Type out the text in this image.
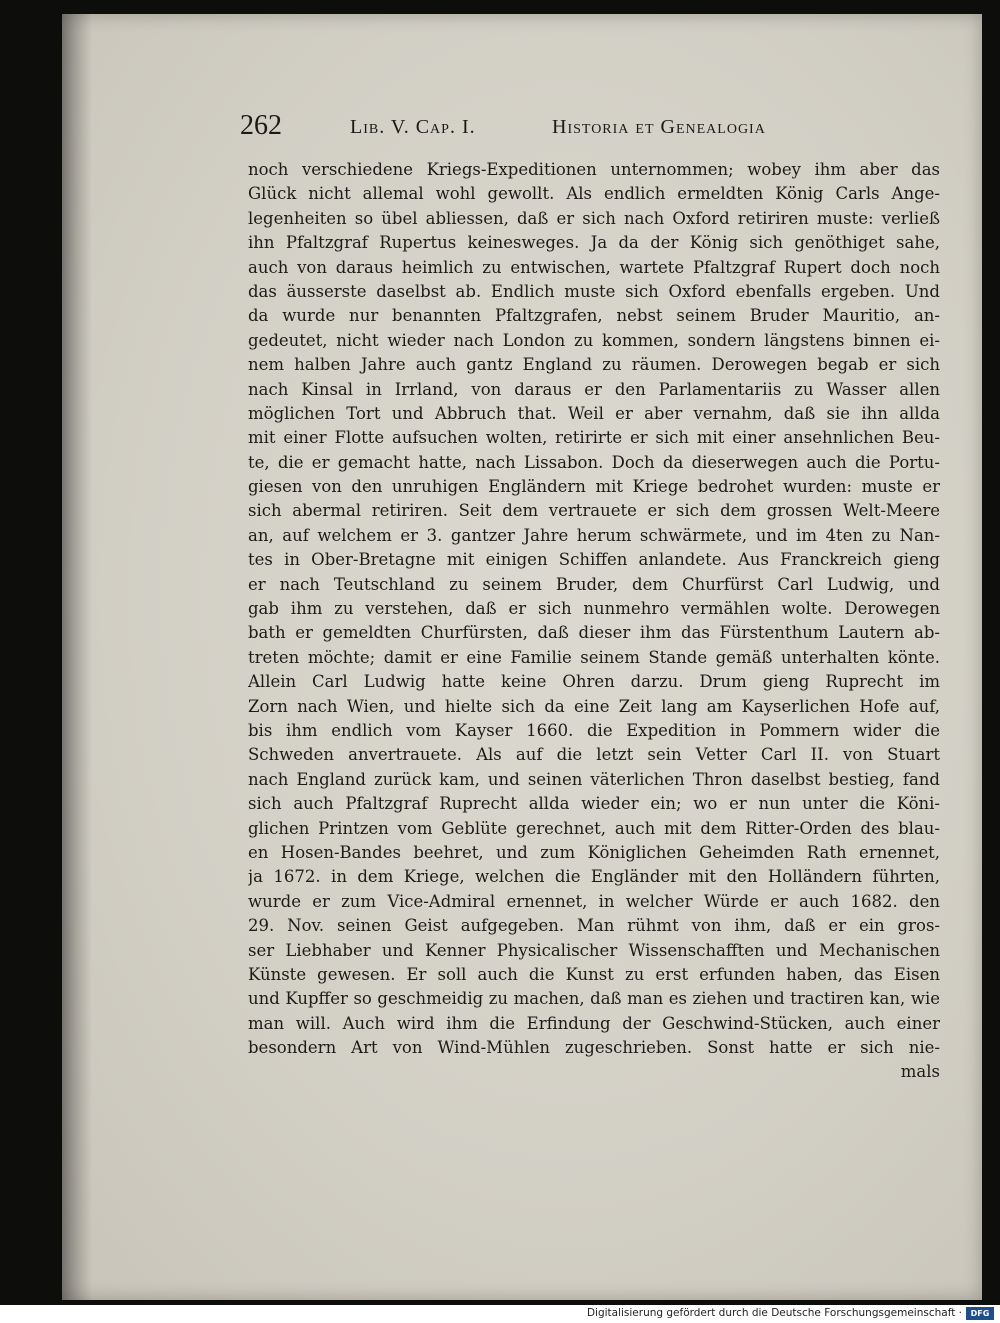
262	Lib. V. Cap. I.	Historia et Genealogia
noch verschiedene Kriegs-Expeditionen unternommen; wobey ihm aber das
Glück nicht allemal wohl gewollt. Als endlich ermeldten König Carls Ange-
legenheiten so übel abliessen, daß er sich nach Oxford retiriren muste: verließ
ihn Pfaltzgraf Rupertus keinesweges. Ja da der König sich genöthiget sahe,
auch von daraus heimlich zu entwischen, wartete Pfaltzgraf Rupert doch noch
das äusserste daselbst ab. Endlich muste sich Oxford ebenfalls ergeben. Und
da wurde nur benannten Pfaltzgrafen, nebst seinem Bruder Mauritio, an-
gedeutet, nicht wieder nach London zu kommen, sondern längstens binnen ei-
nem halben Jahre auch gantz England zu räumen. Derowegen begab er sich
nach Kinsal in Irrland, von daraus er den Parlamentariis zu Wasser allen
möglichen Tort und Abbruch that. Weil er aber vernahm, daß sie ihn allda
mit einer Flotte aufsuchen wolten, retirirte er sich mit einer ansehnlichen Beu-
te, die er gemacht hatte, nach Lissabon. Doch da dieserwegen auch die Portu-
giesen von den unruhigen Engländern mit Kriege bedrohet wurden: muste er
sich abermal retiriren. Seit dem vertrauete er sich dem grossen Welt-Meere
an, auf welchem er 3. gantzer Jahre herum schwärmete, und im 4ten zu Nan-
tes in Ober-Bretagne mit einigen Schiffen anlandete. Aus Franckreich gieng
er nach Teutschland zu seinem Bruder, dem Churfürst Carl Ludwig, und
gab ihm zu verstehen, daß er sich nunmehro vermählen wolte. Derowegen
bath er gemeldten Churfürsten, daß dieser ihm das Fürstenthum Lautern ab-
treten möchte; damit er eine Familie seinem Stande gemäß unterhalten könte.
Allein Carl Ludwig hatte keine Ohren darzu. Drum gieng Ruprecht im
Zorn nach Wien, und hielte sich da eine Zeit lang am Kayserlichen Hofe auf,
bis ihm endlich vom Kayser 1660. die Expedition in Pommern wider die
Schweden anvertrauete. Als auf die letzt sein Vetter Carl II. von Stuart
nach England zurück kam, und seinen väterlichen Thron daselbst bestieg, fand
sich auch Pfaltzgraf Ruprecht allda wieder ein; wo er nun unter die Köni-
glichen Printzen vom Geblüte gerechnet, auch mit dem Ritter-Orden des blau-
en Hosen-Bandes beehret, und zum Königlichen Geheimden Rath ernennet,
ja 1672. in dem Kriege, welchen die Engländer mit den Holländern führten,
wurde er zum Vice-Admiral ernennet, in welcher Würde er auch 1682. den
29. Nov. seinen Geist aufgegeben. Man rühmt von ihm, daß er ein gros-
ser Liebhaber und Kenner Physicalischer Wissenschafften und Mechanischen
Künste gewesen. Er soll auch die Kunst zu erst erfunden haben, das Eisen
und Kupffer so geschmeidig zu machen, daß man es ziehen und tractiren kan, wie
man will. Auch wird ihm die Erfindung der Geschwind-Stücken, auch einer
besondern Art von Wind-Mühlen zugeschrieben. Sonst hatte er sich nie-
mals
Digitalisierung gefördert durch die Deutsche Forschungsgemeinschaft ·	DFG
